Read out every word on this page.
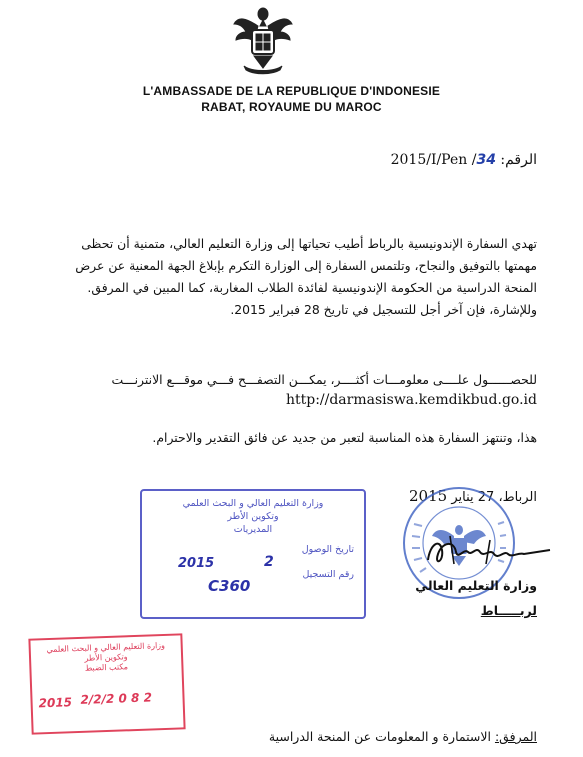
L'AMBASSADE DE LA REPUBLIQUE D'INDONESIE
RABAT, ROYAUME DU MAROC
الرقم: 2015/I/Pen /34
تهدي السفارة الإندونيسية بالرباط أطيب تحياتها إلى وزارة التعليم العالي، متمنية أن تحظى
مهمتها بالتوفيق والنجاح، وتلتمس السفارة إلى الوزارة التكرم بإبلاغ الجهة المعنية عن عرض
المنحة الدراسية من الحكومة الإندونيسية لفائدة الطلاب المغاربة، كما المبين في المرفق.
وللإشارة، فإن آخر أجل للتسجيل في تاريخ 28 فبراير 2015.
للحصــــــول علــــى معلومـــات أكثــــر، يمكـــن التصفـــح فـــي موقـــع الانترنـــت
http://darmasiswa.kemdikbud.go.id
هذا، وتنتهز السفارة هذه المناسبة لتعبر من جديد عن فائق التقدير والاحترام.
وزارة التعليم العالي و البحث العلمي
وتكوين الأطر
المديريات
تاريخ الوصول
رقم التسجيل
2015	2
C360
الرباط، 27 يناير 2015
وزارة التعليم العالي
لربـــــاط
وزارة التعليم العالي و البحث العلمي
وتكوين الأطر
مكتب الضبط
2015 2/2/2 0 8 2
المرفق: الاستمارة و المعلومات عن المنحة الدراسية
